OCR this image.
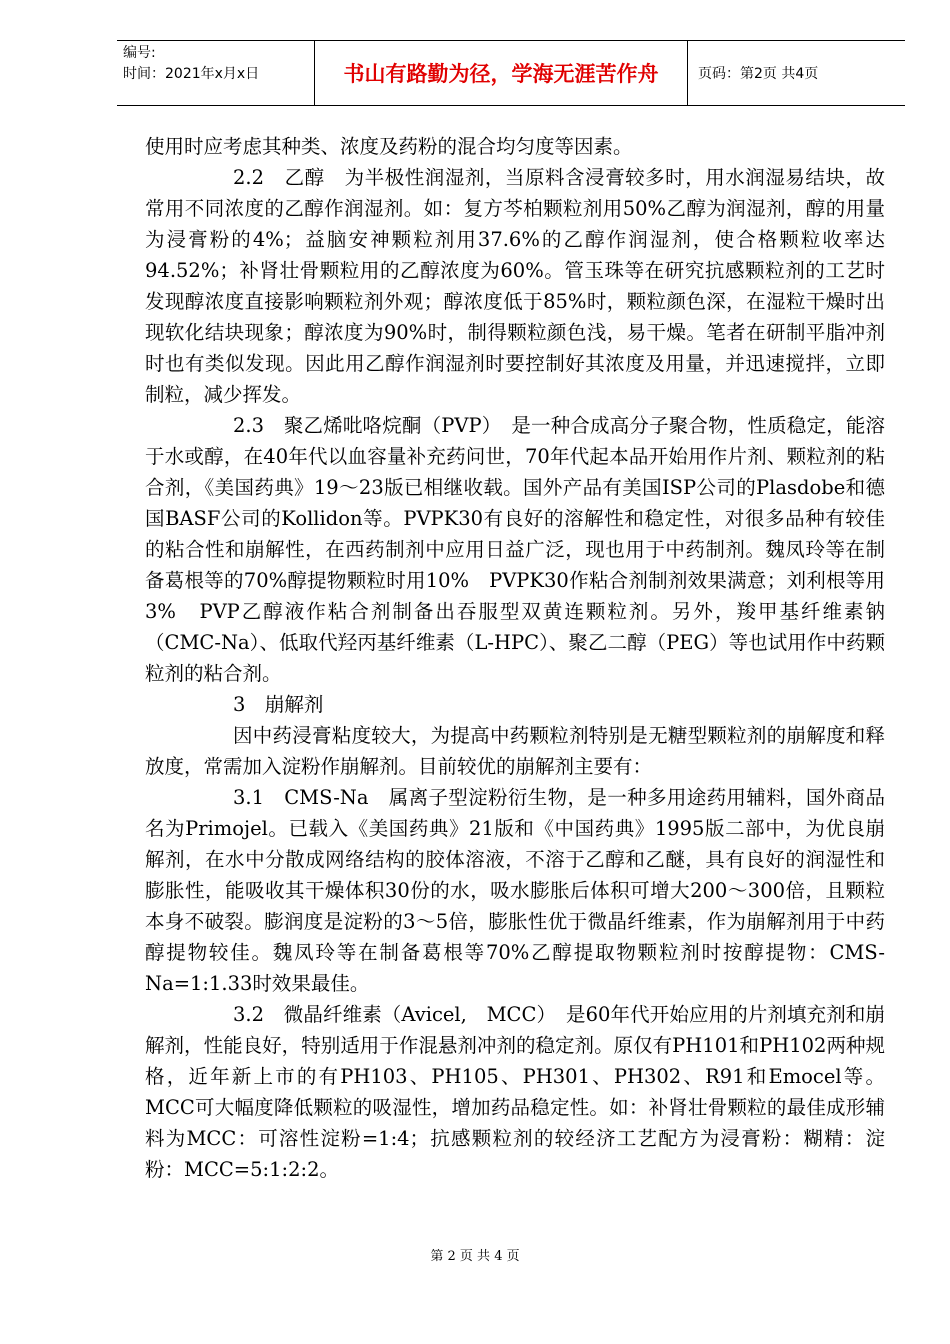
编号:
时间：2021年x月x日	书山有路勤为径，学海无涯苦作舟	页码：第2页 共4页

使用时应考虑其种类、浓度及药粉的混合均匀度等因素。

2.2　乙醇　为半极性润湿剂，当原料含浸膏较多时，用水润湿易结块，故常用不同浓度的乙醇作润湿剂。如：复方芩柏颗粒剂用50%乙醇为润湿剂，醇的用量为浸膏粉的4%；益脑安神颗粒剂用37.6%的乙醇作润湿剂，使合格颗粒收率达94.52%；补肾壮骨颗粒用的乙醇浓度为60%。管玉珠等在研究抗感颗粒剂的工艺时发现醇浓度直接影响颗粒剂外观；醇浓度低于85%时，颗粒颜色深，在湿粒干燥时出现软化结块现象；醇浓度为90%时，制得颗粒颜色浅，易干燥。笔者在研制平脂冲剂时也有类似发现。因此用乙醇作润湿剂时要控制好其浓度及用量，并迅速搅拌，立即制粒，减少挥发。

2.3　聚乙烯吡咯烷酮（PVP）　是一种合成高分子聚合物，性质稳定，能溶于水或醇，在40年代以血容量补充药问世，70年代起本品开始用作片剂、颗粒剂的粘合剂，《美国药典》19～23版已相继收载。国外产品有美国ISP公司的Plasdobe和德国BASF公司的Kollidon等。PVPK30有良好的溶解性和稳定性，对很多品种有较佳的粘合性和崩解性，在西药制剂中应用日益广泛，现也用于中药制剂。魏凤玲等在制备葛根等的70%醇提物颗粒时用10%　PVPK30作粘合剂制剂效果满意；刘利根等用3%　PVP乙醇液作粘合剂制备出吞服型双黄连颗粒剂。另外，羧甲基纤维素钠（CMC-Na）、低取代羟丙基纤维素（L-HPC）、聚乙二醇（PEG）等也试用作中药颗粒剂的粘合剂。

3　崩解剂

因中药浸膏粘度较大，为提高中药颗粒剂特别是无糖型颗粒剂的崩解度和释放度，常需加入淀粉作崩解剂。目前较优的崩解剂主要有：

3.1　CMS-Na　属离子型淀粉衍生物，是一种多用途药用辅料，国外商品名为Primojel。已载入《美国药典》21版和《中国药典》1995版二部中，为优良崩解剂，在水中分散成网络结构的胶体溶液，不溶于乙醇和乙醚，具有良好的润湿性和膨胀性，能吸收其干燥体积30份的水，吸水膨胀后体积可增大200～300倍，且颗粒本身不破裂。膨润度是淀粉的3～5倍，膨胀性优于微晶纤维素，作为崩解剂用于中药醇提物较佳。魏凤玲等在制备葛根等70%乙醇提取物颗粒剂时按醇提物：CMS-Na=1:1.33时效果最佳。

3.2　微晶纤维素（Avicel,　MCC）　是60年代开始应用的片剂填充剂和崩解剂，性能良好，特别适用于作混悬剂冲剂的稳定剂。原仅有PH101和PH102两种规格，近年新上市的有PH103、PH105、PH301、PH302、R91和Emocel等。MCC可大幅度降低颗粒的吸湿性，增加药品稳定性。如：补肾壮骨颗粒的最佳成形辅料为MCC：可溶性淀粉=1:4；抗感颗粒剂的较经济工艺配方为浸膏粉：糊精：淀粉：MCC=5:1:2:2。

第 2 页 共 4 页
